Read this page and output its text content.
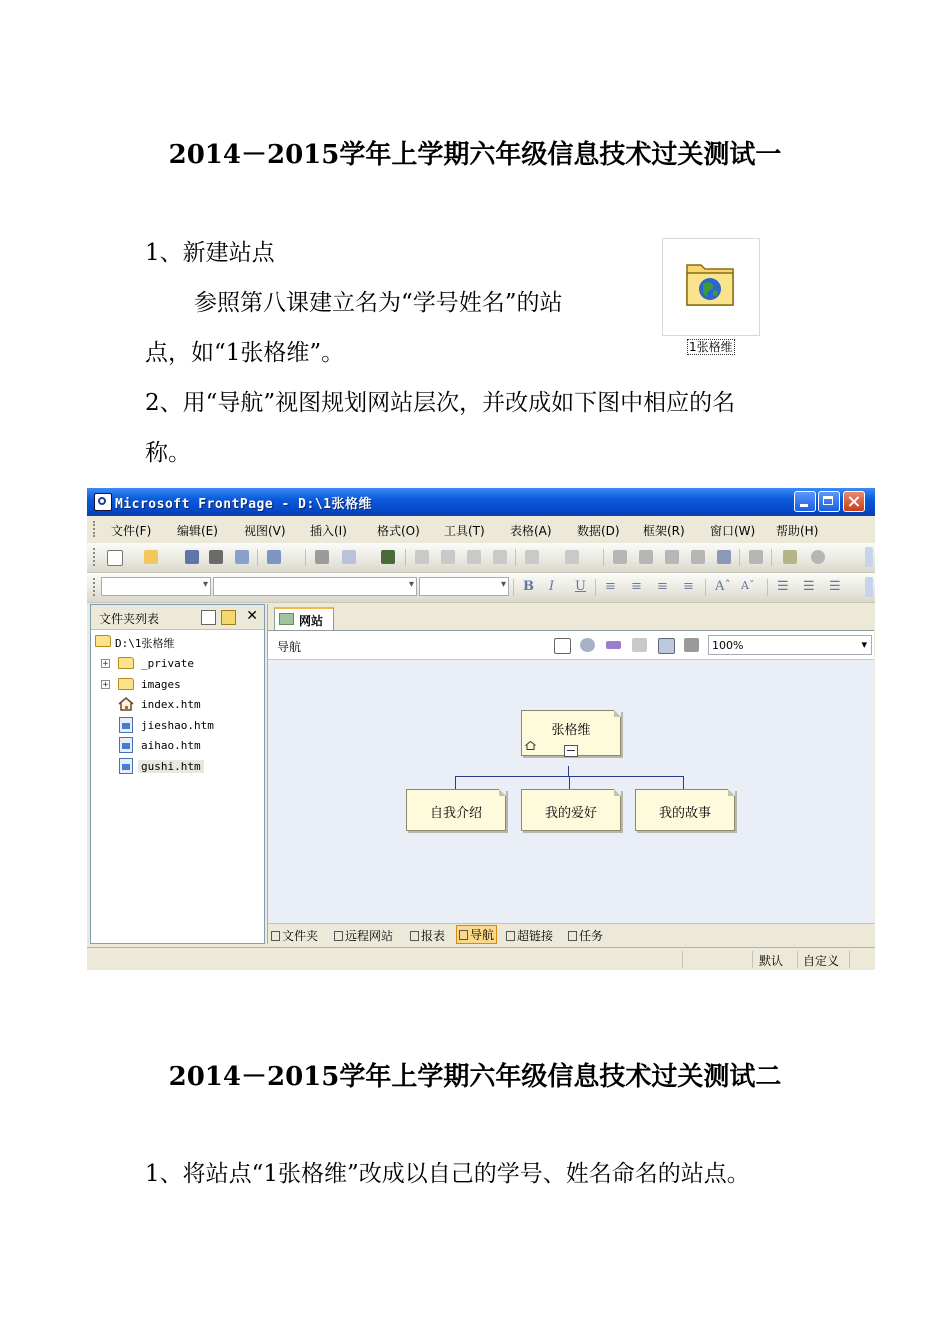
2014－2015学年上学期六年级信息技术过关测试一
1、新建站点
参照第八课建立名为“学号姓名”的站
点，如“1张格维”。	1张格维
2、用“导航”视图规划网站层次，并改成如下图中相应的名
称。
Microsoft FrontPage - D:\1张格维
文件(F) 编辑(E) 视图(V) 插入(I)	格式(O) 工具(T) 表格(A) 数据(D) 框架(R) 窗口(W) 帮助(H)
▾
▾
▾
B I U ≡ ≡ ≡ ≡ Aˆ Aˇ ☰ ☰ ☰
文件夹列表	✕
D:\1张格维
+	_private
+	images
index.htm
jieshao.htm
aihao.htm
gushi.htm
网站
导航	100%
▾
张格维
自我介绍	我的爱好	我的故事
文件夹	远程网站	报表	导航	超链接	任务
默认 自定义
2014－2015学年上学期六年级信息技术过关测试二
1、将站点“1张格维”改成以自己的学号、姓名命名的站点。
